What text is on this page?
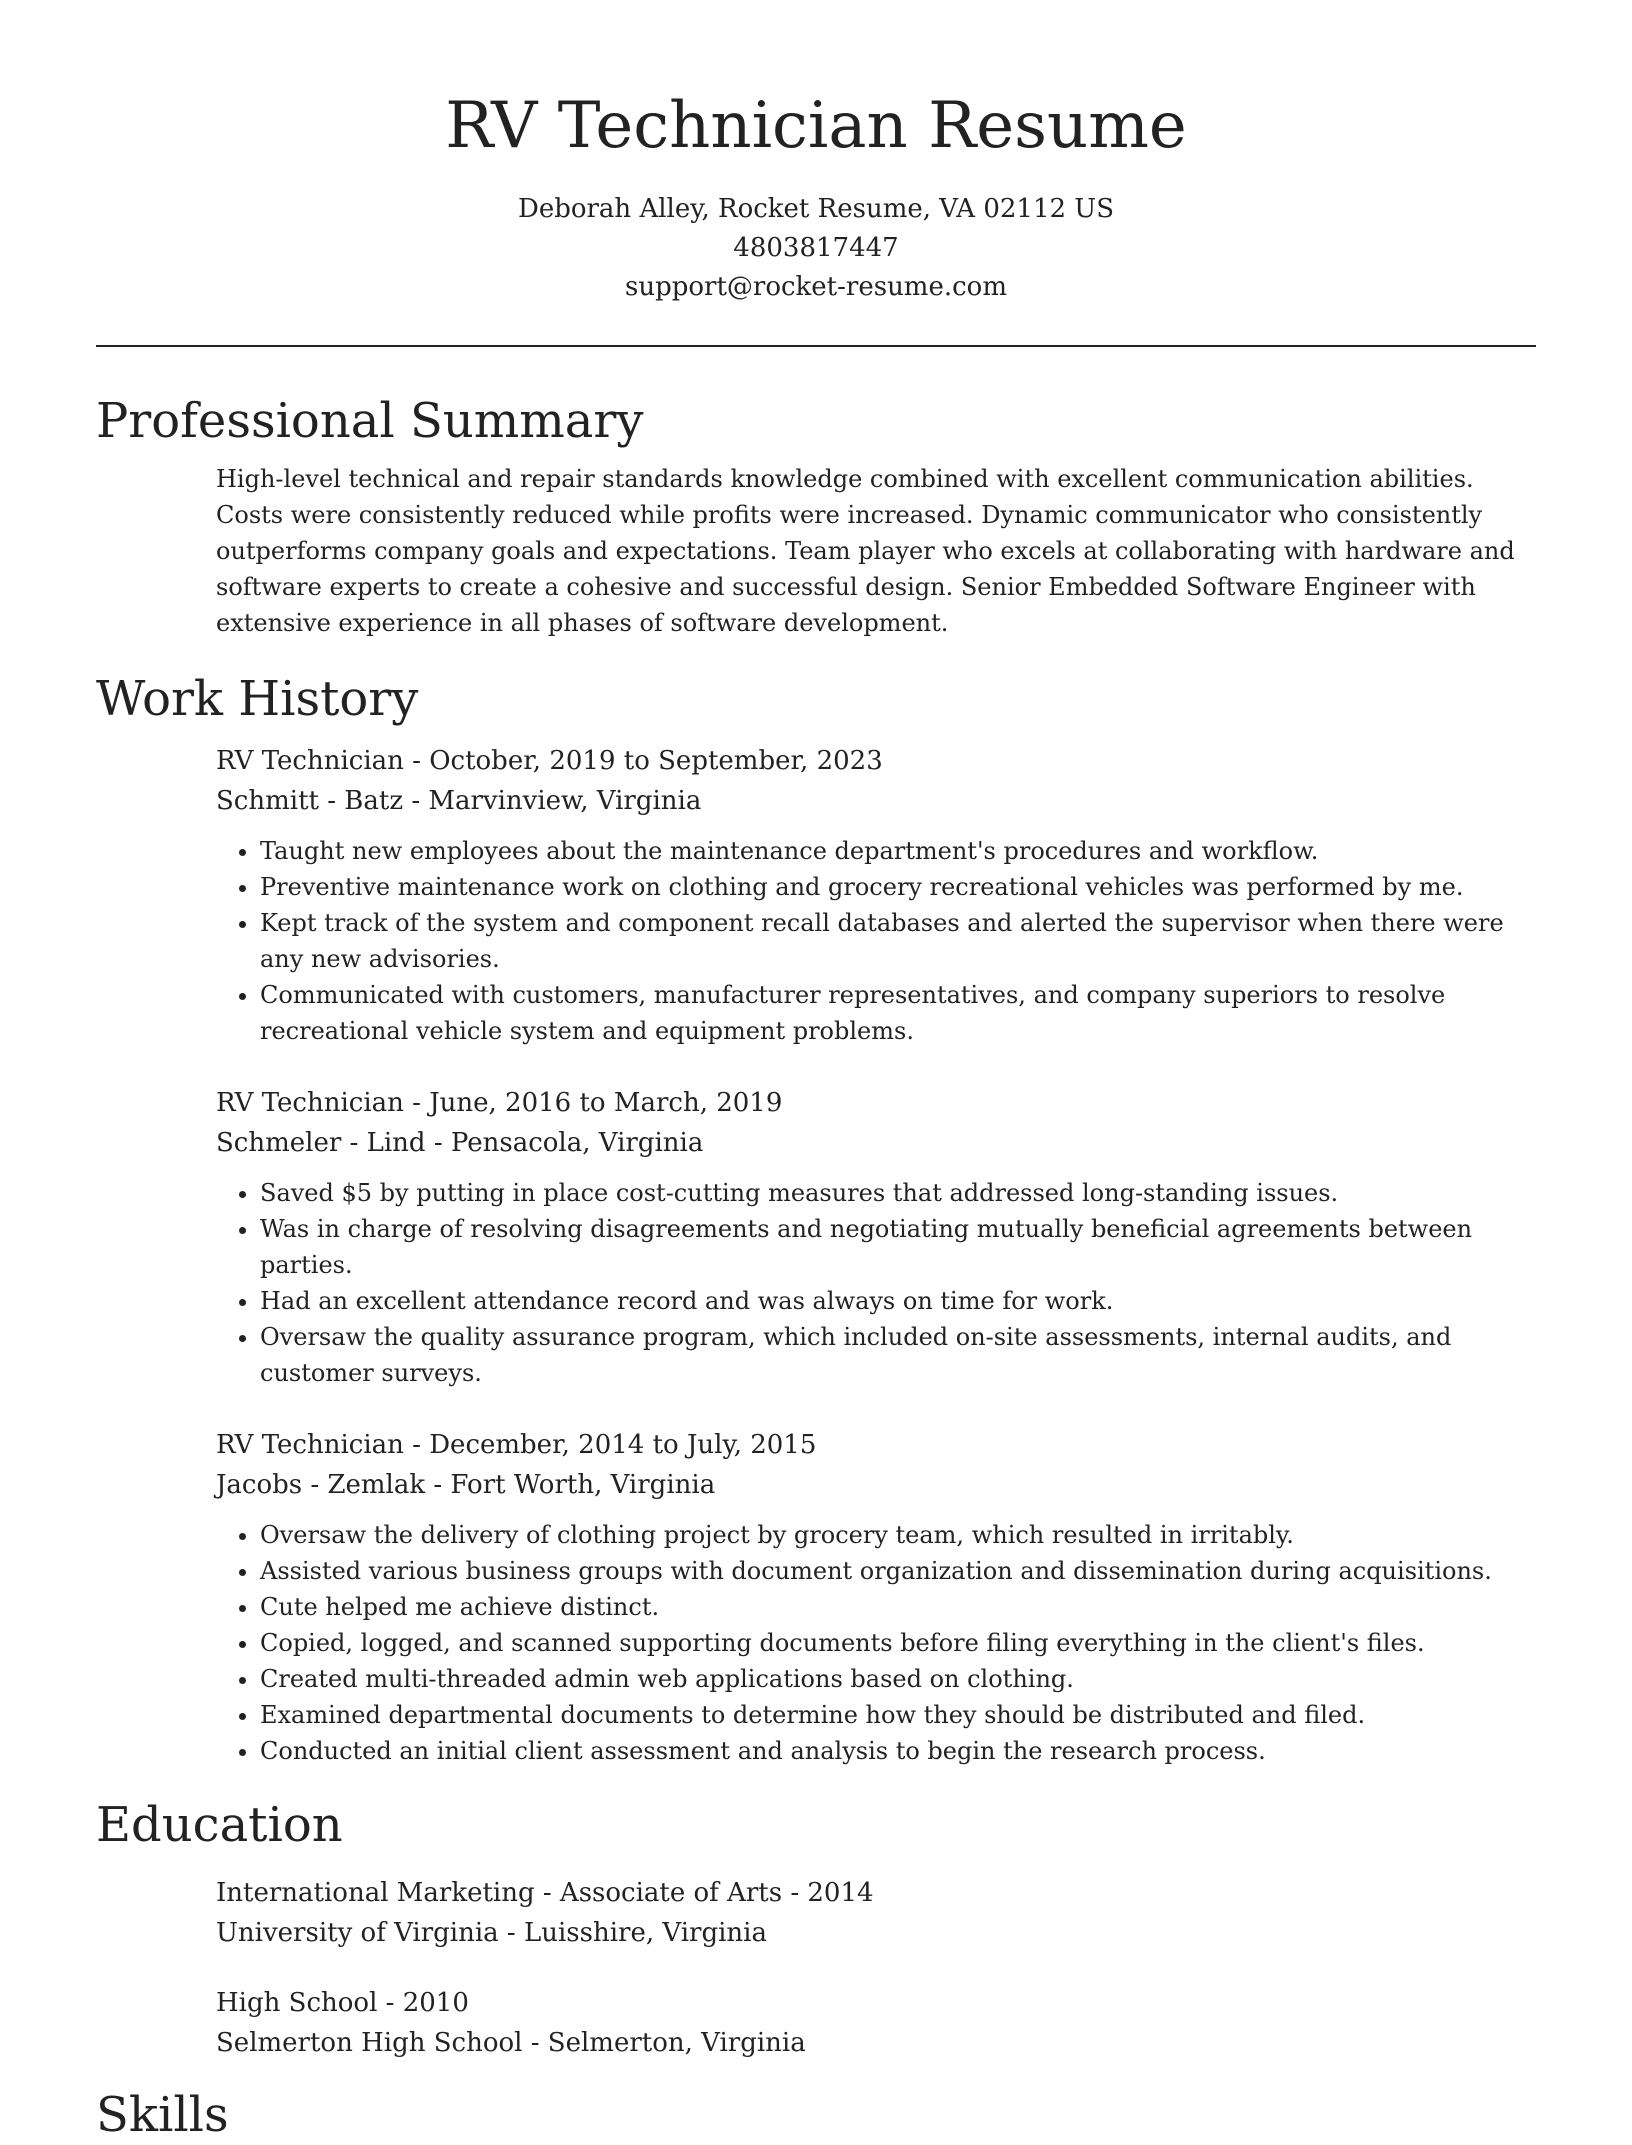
RV Technician Resume
Deborah Alley, Rocket Resume, VA 02112 US
4803817447
support@rocket-resume.com
Professional Summary

High-level technical and repair standards knowledge combined with excellent communication abilities. Costs were consistently reduced while profits were increased. Dynamic communicator who consistently outperforms company goals and expectations. Team player who excels at collaborating with hardware and software experts to create a cohesive and successful design. Senior Embedded Software Engineer with extensive experience in all phases of software development.

Work History

RV Technician - October, 2019 to September, 2023

Schmitt - Batz - Marvinview, Virginia

• Taught new employees about the maintenance department's procedures and workflow.
• Preventive maintenance work on clothing and grocery recreational vehicles was performed by me.
• Kept track of the system and component recall databases and alerted the supervisor when there were any new advisories.
• Communicated with customers, manufacturer representatives, and company superiors to resolve recreational vehicle system and equipment problems.

RV Technician - June, 2016 to March, 2019

Schmeler - Lind - Pensacola, Virginia

• Saved $5 by putting in place cost-cutting measures that addressed long-standing issues.
• Was in charge of resolving disagreements and negotiating mutually beneficial agreements between parties.
• Had an excellent attendance record and was always on time for work.
• Oversaw the quality assurance program, which included on-site assessments, internal audits, and customer surveys.

RV Technician - December, 2014 to July, 2015

Jacobs - Zemlak - Fort Worth, Virginia

• Oversaw the delivery of clothing project by grocery team, which resulted in irritably.
• Assisted various business groups with document organization and dissemination during acquisitions.
• Cute helped me achieve distinct.
• Copied, logged, and scanned supporting documents before filing everything in the client's files.
• Created multi-threaded admin web applications based on clothing.
• Examined departmental documents to determine how they should be distributed and filed.
• Conducted an initial client assessment and analysis to begin the research process.
Education

International Marketing - Associate of Arts - 2014

University of Virginia - Luisshire, Virginia

High School - 2010

Selmerton High School - Selmerton, Virginia

Skills
